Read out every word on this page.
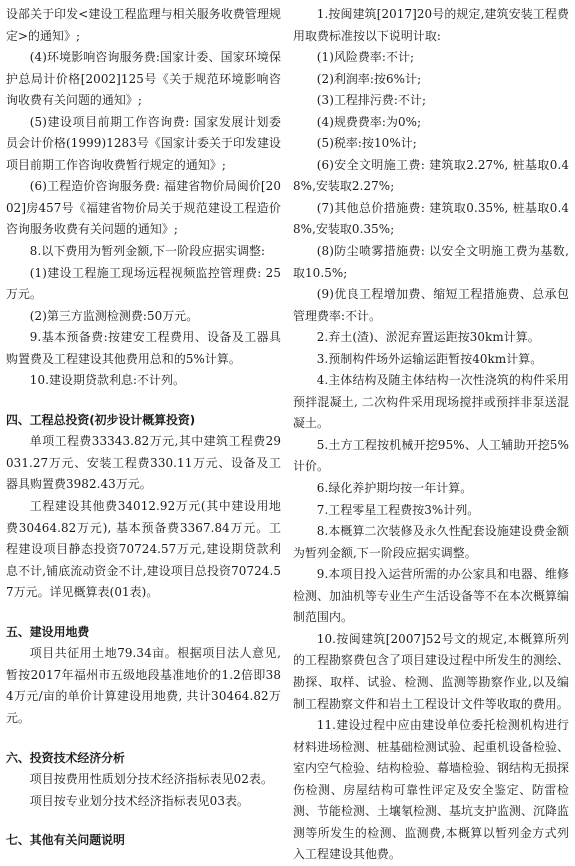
设部关于印发<建设工程监理与相关服务收费管理规定>的通知》;

(4)环境影响咨询服务费:国家计委、国家环境保护总局计价格[2002]125号《关于规范环境影响咨询收费有关问题的通知》;

(5)建设项目前期工作咨询费: 国家发展计划委员会计价格(1999)1283号《国家计委关于印发建设项目前期工作咨询收费暂行规定的通知》;

(6)工程造价咨询服务费: 福建省物价局闽价[2002]房457号《福建省物价局关于规范建设工程造价咨询服务收费有关问题的通知》;

8.以下费用为暂列金额,下一阶段应据实调整:

(1)建设工程施工现场远程视频监控管理费: 25万元。

(2)第三方监测检测费:50万元。

9.基本预备费:按建安工程费用、设备及工器具购置费及工程建设其他费用总和的5%计算。

10.建设期贷款利息:不计列。

四、工程总投资(初步设计概算投资)

单项工程费33343.82万元,其中建筑工程费29031.27万元、安装工程费330.11万元、设备及工器具购置费3982.43万元。

工程建设其他费34012.92万元(其中建设用地费30464.82万元), 基本预备费3367.84万元。工程建设项目静态投资70724.57万元,建设期贷款利息不计,铺底流动资金不计,建设项目总投资70724.57万元。详见概算表(01表)。

五、建设用地费

项目共征用土地79.34亩。根据项目法人意见, 暂按2017年福州市五级地段基准地价的1.2倍即384万元/亩的单价计算建设用地费, 共计30464.82万元。

六、投资技术经济分析

项目按费用性质划分技术经济指标表见02表。

项目按专业划分技术经济指标表见03表。

七、其他有关问题说明

1.按闽建筑[2017]20号的规定,建筑安装工程费用取费标准按以下说明计取:

(1)风险费率:不计;

(2)利润率:按6%计;

(3)工程排污费:不计;

(4)规费费率:为0%;

(5)税率:按10%计;

(6)安全文明施工费: 建筑取2.27%, 桩基取0.48%,安装取2.27%;

(7)其他总价措施费: 建筑取0.35%, 桩基取0.48%,安装取0.35%;

(8)防尘喷雾措施费: 以安全文明施工费为基数,取10.5%;

(9)优良工程增加费、缩短工程措施费、总承包管理费率:不计。

2.弃土(渣)、淤泥弃置运距按30km计算。

3.预制构件场外运输运距暂按40km计算。

4.主体结构及随主体结构一次性浇筑的构件采用预拌混凝土, 二次构件采用现场搅拌或预拌非泵送混凝土。

5.土方工程按机械开挖95%、人工辅助开挖5%计价。

6.绿化养护期均按一年计算。

7.工程零星工程费按3%计列。

8.本概算二次装修及永久性配套设施建设费金额为暂列金额,下一阶段应据实调整。

9.本项目投入运营所需的办公家具和电器、维修检测、加油机等专业生产生活设备等不在本次概算编制范围内。

10.按闽建筑[2007]52号文的规定,本概算所列的工程勘察费包含了项目建设过程中所发生的测绘、勘探、取样、试验、检测、监测等勘察作业,以及编制工程勘察文件和岩土工程设计文件等收取的费用。

11.建设过程中应由建设单位委托检测机构进行材料进场检测、桩基础检测试验、起重机设备检验、室内空气检验、结构检验、幕墙检验、钢结构无损探伤检测、房屋结构可靠性评定及安全鉴定、防雷检测、节能检测、土壤氡检测、基坑支护监测、沉降监测等所发生的检测、监测费,本概算以暂列金方式列入工程建设其他费。
